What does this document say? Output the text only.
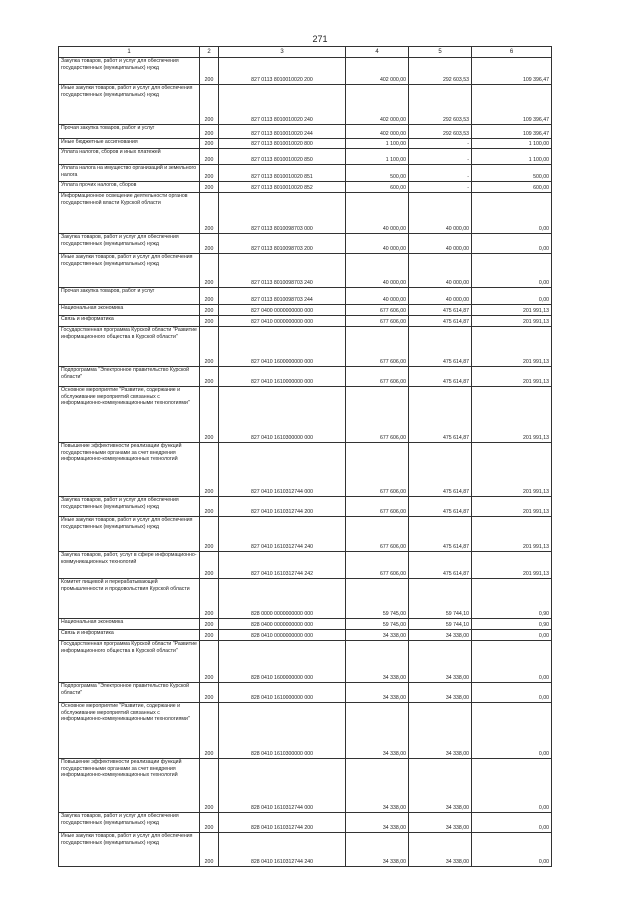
271
1	2	3	4	5	6
Закупка товаров, работ и услуг для обеспечения государственных (муниципальных) нужд	200	827 0113 8010010020 200	402 000,00	292 603,53	109 396,47
Иные закупки товаров, работ и услуг для обеспечения государственных (муниципальных) нужд	200	827 0113 8010010020 240	402 000,00	292 603,53	109 396,47
Прочая закупка товаров, работ и услуг	200	827 0113 8010010020 244	402 000,00	292 603,53	109 396,47
Иные бюджетные ассигнования	200	827 0113 8010010020 800	1 100,00	-	1 100,00
Уплата налогов, сборов и иных платежей	200	827 0113 8010010020 850	1 100,00	-	1 100,00
Уплата налога на имущество организаций и земельного налога	200	827 0113 8010010020 851	500,00	-	500,00
Уплата прочих налогов, сборов	200	827 0113 8010010020 852	600,00	-	600,00
Информационное освещение деятельности органов государственной власти Курской области	200	827 0113 8010098703 000	40 000,00	40 000,00	0,00
Закупка товаров, работ и услуг для обеспечения государственных (муниципальных) нужд	200	827 0113 8010098703 200	40 000,00	40 000,00	0,00
Иные закупки товаров, работ и услуг для обеспечения государственных (муниципальных) нужд	200	827 0113 8010098703 240	40 000,00	40 000,00	0,00
Прочая закупка товаров, работ и услуг	200	827 0113 8010098703 244	40 000,00	40 000,00	0,00
Национальная экономика	200	827 0400 0000000000 000	677 606,00	475 614,87	201 991,13
Связь и информатика	200	827 0410 0000000000 000	677 606,00	475 614,87	201 991,13
Государственная программа Курской области "Развитие информационного общества в Курской области"	200	827 0410 1600000000 000	677 606,00	475 614,87	201 991,13
Подпрограмма "Электронное правительство Курской области"	200	827 0410 1610000000 000	677 606,00	475 614,87	201 991,13
Основное мероприятие "Развитие, содержание и обслуживание мероприятий связанных с информационно-коммуникационными технологиями"	200	827 0410 1610300000 000	677 606,00	475 614,87	201 991,13
Повышение эффективности реализации функций государственными органами за счет внедрения информационно-коммуникационных технологий	200	827 0410 1610312744 000	677 606,00	475 614,87	201 991,13
Закупка товаров, работ и услуг для обеспечения государственных (муниципальных) нужд	200	827 0410 1610312744 200	677 606,00	475 614,87	201 991,13
Иные закупки товаров, работ и услуг для обеспечения государственных (муниципальных) нужд	200	827 0410 1610312744 240	677 606,00	475 614,87	201 991,13
Закупка товаров, работ, услуг в сфере информационно-коммуникационных технологий	200	827 0410 1610312744 242	677 606,00	475 614,87	201 991,13
Комитет пищевой и перерабатывающей промышленности и продовольствия Курской области	200	828 0000 0000000000 000	59 745,00	59 744,10	0,90
Национальная экономика	200	828 0400 0000000000 000	59 745,00	59 744,10	0,90
Связь и информатика	200	828 0410 0000000000 000	34 338,00	34 338,00	0,00
Государственная программа Курской области "Развитие информационного общества в Курской области"	200	828 0410 1600000000 000	34 338,00	34 338,00	0,00
Подпрограмма "Электронное правительство Курской области"	200	828 0410 1610000000 000	34 338,00	34 338,00	0,00
Основное мероприятие "Развитие, содержание и обслуживание мероприятий связанных с информационно-коммуникационными технологиями"	200	828 0410 1610300000 000	34 338,00	34 338,00	0,00
Повышение эффективности реализации функций государственными органами за счет внедрения информационно-коммуникационных технологий	200	828 0410 1610312744 000	34 338,00	34 338,00	0,00
Закупка товаров, работ и услуг для обеспечения государственных (муниципальных) нужд	200	828 0410 1610312744 200	34 338,00	34 338,00	0,00
Иные закупки товаров, работ и услуг для обеспечения государственных (муниципальных) нужд	200	828 0410 1610312744 240	34 338,00	34 338,00	0,00
